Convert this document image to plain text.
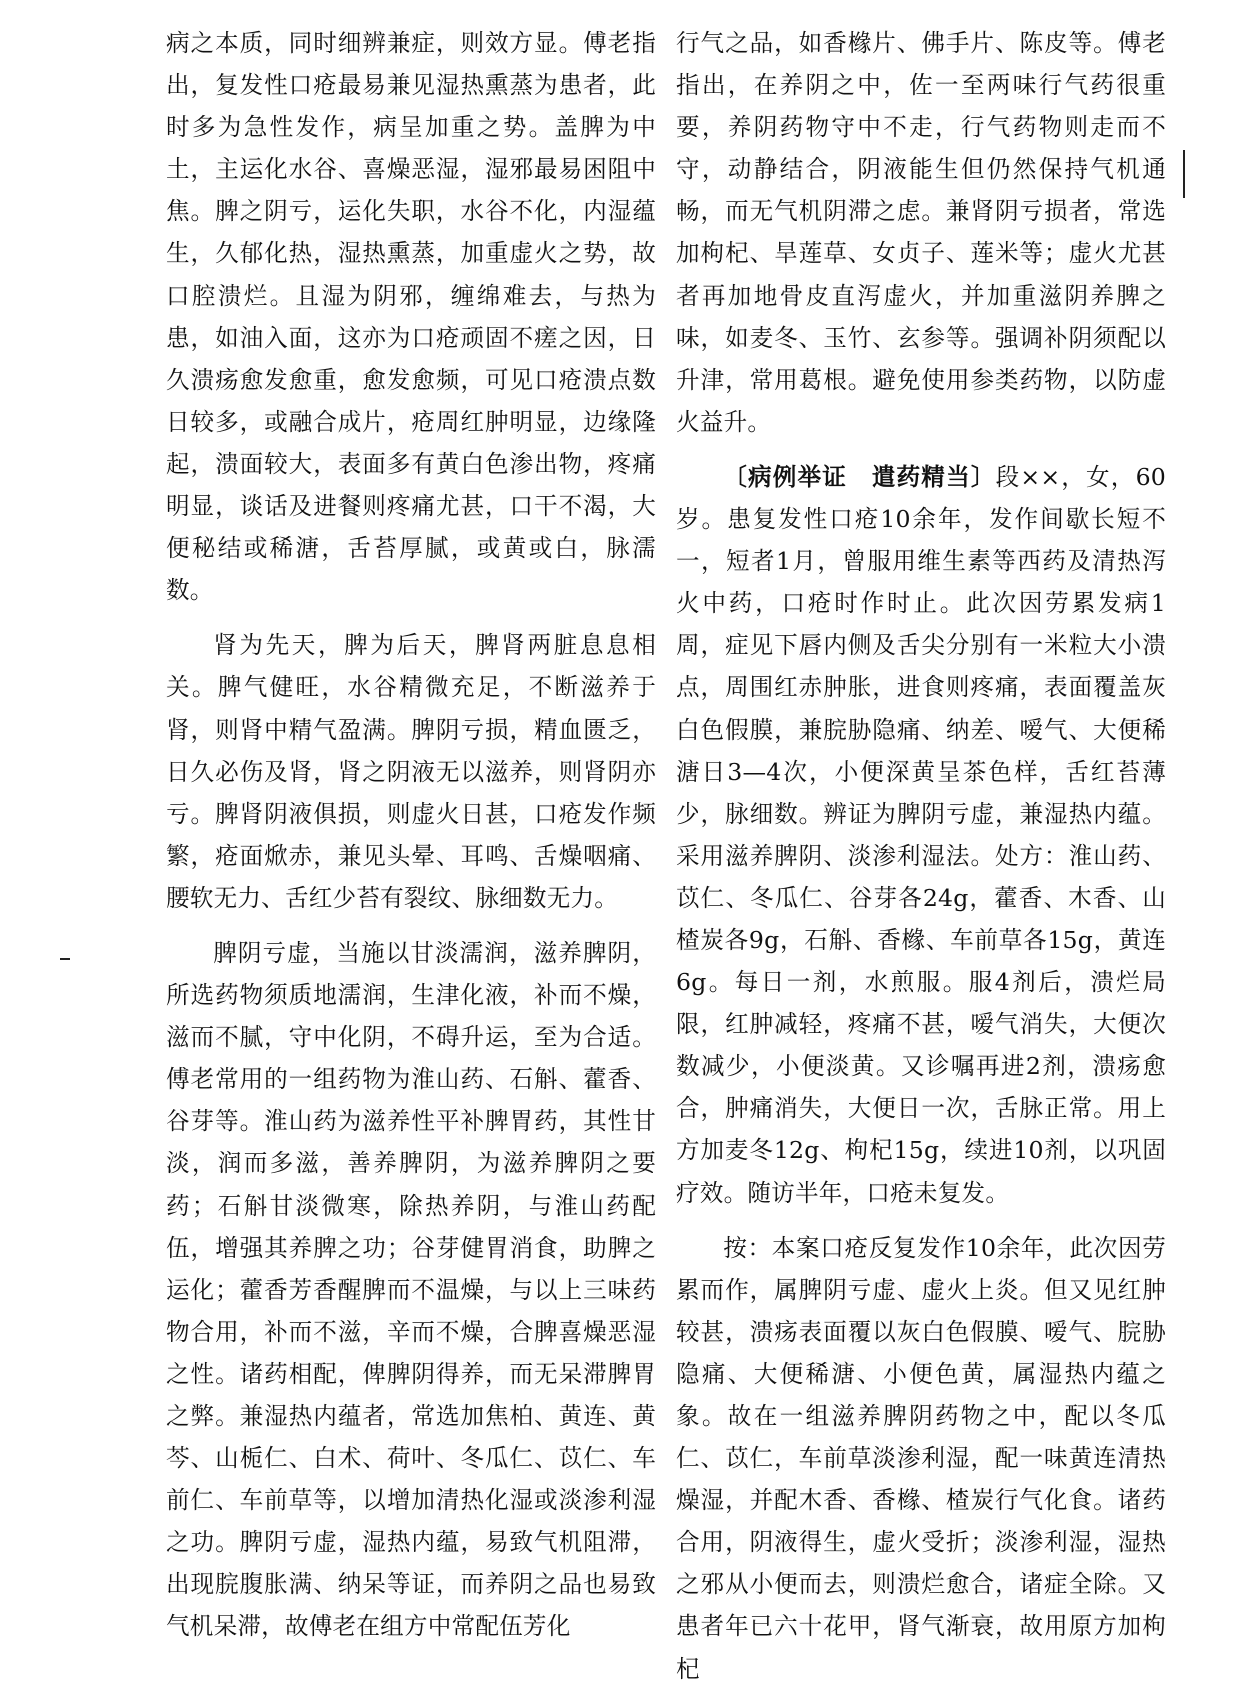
病之本质，同时细辨兼症，则效方显。傅老指出，复发性口疮最易兼见湿热熏蒸为患者，此时多为急性发作，病呈加重之势。盖脾为中土，主运化水谷、喜燥恶湿，湿邪最易困阻中焦。脾之阴亏，运化失职，水谷不化，内湿蕴生，久郁化热，湿热熏蒸，加重虚火之势，故口腔溃烂。且湿为阴邪，缠绵难去，与热为患，如油入面，这亦为口疮顽固不瘥之因，日久溃疡愈发愈重，愈发愈频，可见口疮溃点数日较多，或融合成片，疮周红肿明显，边缘隆起，溃面较大，表面多有黄白色渗出物，疼痛明显，谈话及进餐则疼痛尤甚，口干不渴，大便秘结或稀溏，舌苔厚腻，或黄或白，脉濡数。

肾为先天，脾为后天，脾肾两脏息息相关。脾气健旺，水谷精微充足，不断滋养于肾，则肾中精气盈满。脾阴亏损，精血匮乏，日久必伤及肾，肾之阴液无以滋养，则肾阴亦亏。脾肾阴液俱损，则虚火日甚，口疮发作频繁，疮面焮赤，兼见头晕、耳鸣、舌燥咽痛、腰软无力、舌红少苔有裂纹、脉细数无力。

脾阴亏虚，当施以甘淡濡润，滋养脾阴，所选药物须质地濡润，生津化液，补而不燥，滋而不腻，守中化阴，不碍升运，至为合适。傅老常用的一组药物为淮山药、石斛、藿香、谷芽等。淮山药为滋养性平补脾胃药，其性甘淡，润而多滋，善养脾阴，为滋养脾阴之要药；石斛甘淡微寒，除热养阴，与淮山药配伍，增强其养脾之功；谷芽健胃消食，助脾之运化；藿香芳香醒脾而不温燥，与以上三味药物合用，补而不滋，辛而不燥，合脾喜燥恶湿之性。诸药相配，俾脾阴得养，而无呆滞脾胃之弊。兼湿热内蕴者，常选加焦柏、黄连、黄芩、山栀仁、白术、荷叶、冬瓜仁、苡仁、车前仁、车前草等，以增加清热化湿或淡渗利湿之功。脾阴亏虚，湿热内蕴，易致气机阻滞，出现脘腹胀满、纳呆等证，而养阴之品也易致气机呆滞，故傅老在组方中常配伍芳化

行气之品，如香橼片、佛手片、陈皮等。傅老指出，在养阴之中，佐一至两味行气药很重要，养阴药物守中不走，行气药物则走而不守，动静结合，阴液能生但仍然保持气机通畅，而无气机阴滞之虑。兼肾阴亏损者，常选加枸杞、旱莲草、女贞子、莲米等；虚火尤甚者再加地骨皮直泻虚火，并加重滋阴养脾之味，如麦冬、玉竹、玄参等。强调补阴须配以升津，常用葛根。避免使用参类药物，以防虚火益升。

〔病例举证　遣药精当〕段××，女，60岁。患复发性口疮10余年，发作间歇长短不一，短者1月，曾服用维生素等西药及清热泻火中药，口疮时作时止。此次因劳累发病1周，症见下唇内侧及舌尖分别有一米粒大小溃点，周围红赤肿胀，进食则疼痛，表面覆盖灰白色假膜，兼脘胁隐痛、纳差、嗳气、大便稀溏日3—4次，小便深黄呈茶色样，舌红苔薄少，脉细数。辨证为脾阴亏虚，兼湿热内蕴。采用滋养脾阴、淡渗利湿法。处方：淮山药、苡仁、冬瓜仁、谷芽各24g，藿香、木香、山楂炭各9g，石斛、香橼、车前草各15g，黄连6g。每日一剂，水煎服。服4剂后，溃烂局限，红肿减轻，疼痛不甚，嗳气消失，大便次数减少，小便淡黄。又诊嘱再进2剂，溃疡愈合，肿痛消失，大便日一次，舌脉正常。用上方加麦冬12g、枸杞15g，续进10剂，以巩固疗效。随访半年，口疮未复发。

按：本案口疮反复发作10余年，此次因劳累而作，属脾阴亏虚、虚火上炎。但又见红肿较甚，溃疡表面覆以灰白色假膜、嗳气、脘胁隐痛、大便稀溏、小便色黄，属湿热内蕴之象。故在一组滋养脾阴药物之中，配以冬瓜仁、苡仁，车前草淡渗利湿，配一味黄连清热燥湿，并配木香、香橼、楂炭行气化食。诸药合用，阴液得生，虚火受折；淡渗利湿，湿热之邪从小便而去，则溃烂愈合，诸症全除。又患者年已六十花甲，肾气渐衰，故用原方加枸杞
